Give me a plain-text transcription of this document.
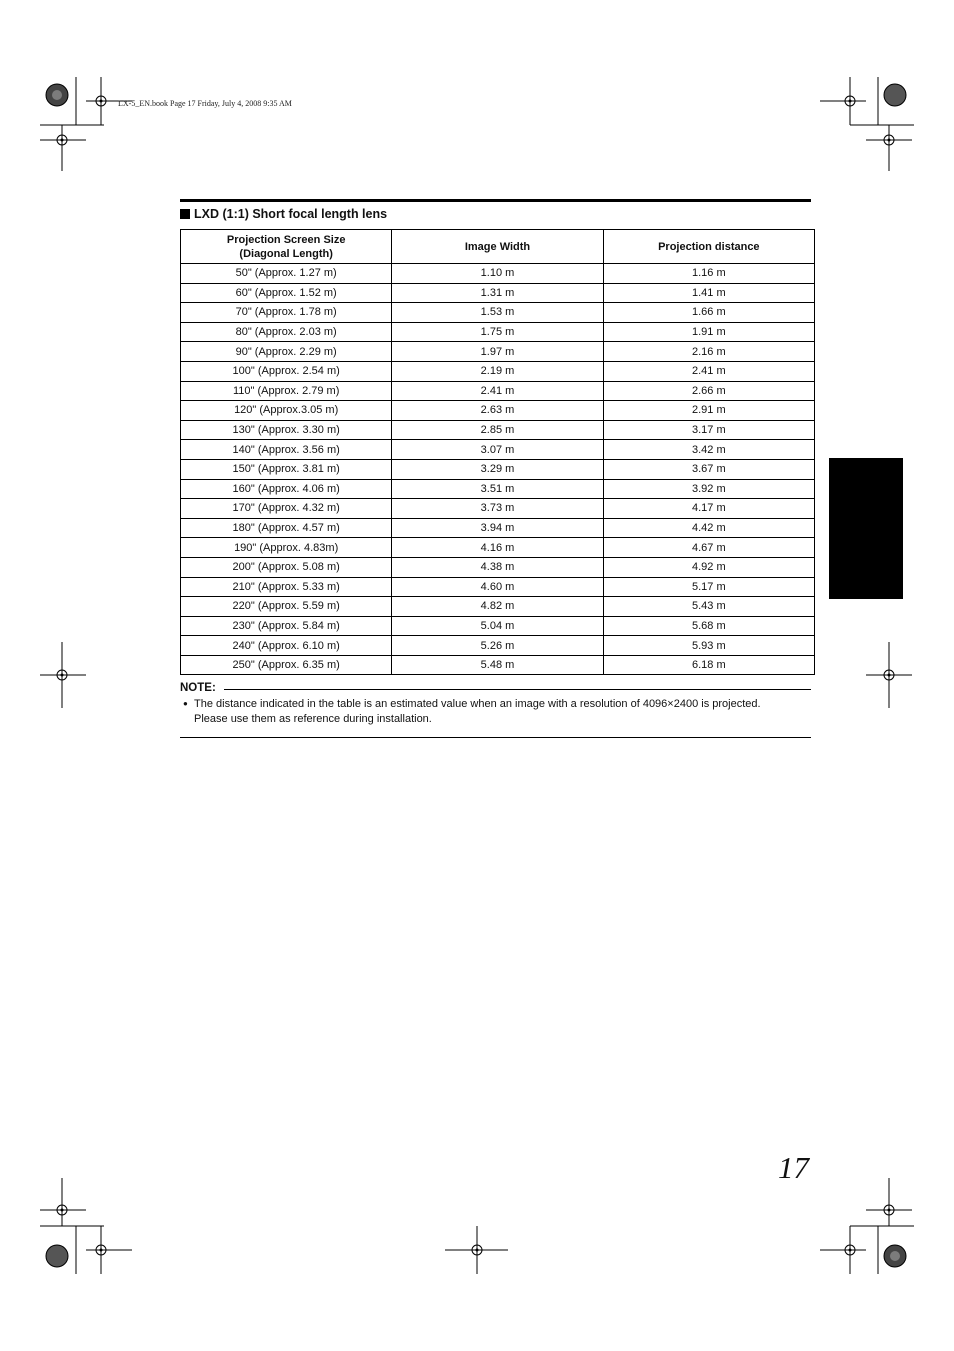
LX-5_EN.book Page 17 Friday, July 4, 2008 9:35 AM
LXD (1:1) Short focal length lens
Projection Screen Size
(Diagonal Length)	Image Width	Projection distance
50" (Approx. 1.27 m)	1.10 m	1.16 m
60" (Approx. 1.52 m)	1.31 m	1.41 m
70" (Approx. 1.78 m)	1.53 m	1.66 m
80" (Approx. 2.03 m)	1.75 m	1.91 m
90" (Approx. 2.29 m)	1.97 m	2.16 m
100" (Approx. 2.54 m)	2.19 m	2.41 m
110" (Approx. 2.79 m)	2.41 m	2.66 m
120" (Approx.3.05 m)	2.63 m	2.91 m
130" (Approx. 3.30 m)	2.85 m	3.17 m
140" (Approx. 3.56 m)	3.07 m	3.42 m
150" (Approx. 3.81 m)	3.29 m	3.67 m
160" (Approx. 4.06 m)	3.51 m	3.92 m
170" (Approx. 4.32 m)	3.73 m	4.17 m
180" (Approx. 4.57 m)	3.94 m	4.42 m
190" (Approx. 4.83m)	4.16 m	4.67 m
200" (Approx. 5.08 m)	4.38 m	4.92 m
210" (Approx. 5.33 m)	4.60 m	5.17 m
220" (Approx. 5.59 m)	4.82 m	5.43 m
230" (Approx. 5.84 m)	5.04 m	5.68 m
240" (Approx. 6.10 m)	5.26 m	5.93 m
250" (Approx. 6.35 m)	5.48 m	6.18 m
NOTE:
● The distance indicated in the table is an estimated value when an image with a resolution of 4096×2400 is projected.
Please use them as reference during installation.
17
